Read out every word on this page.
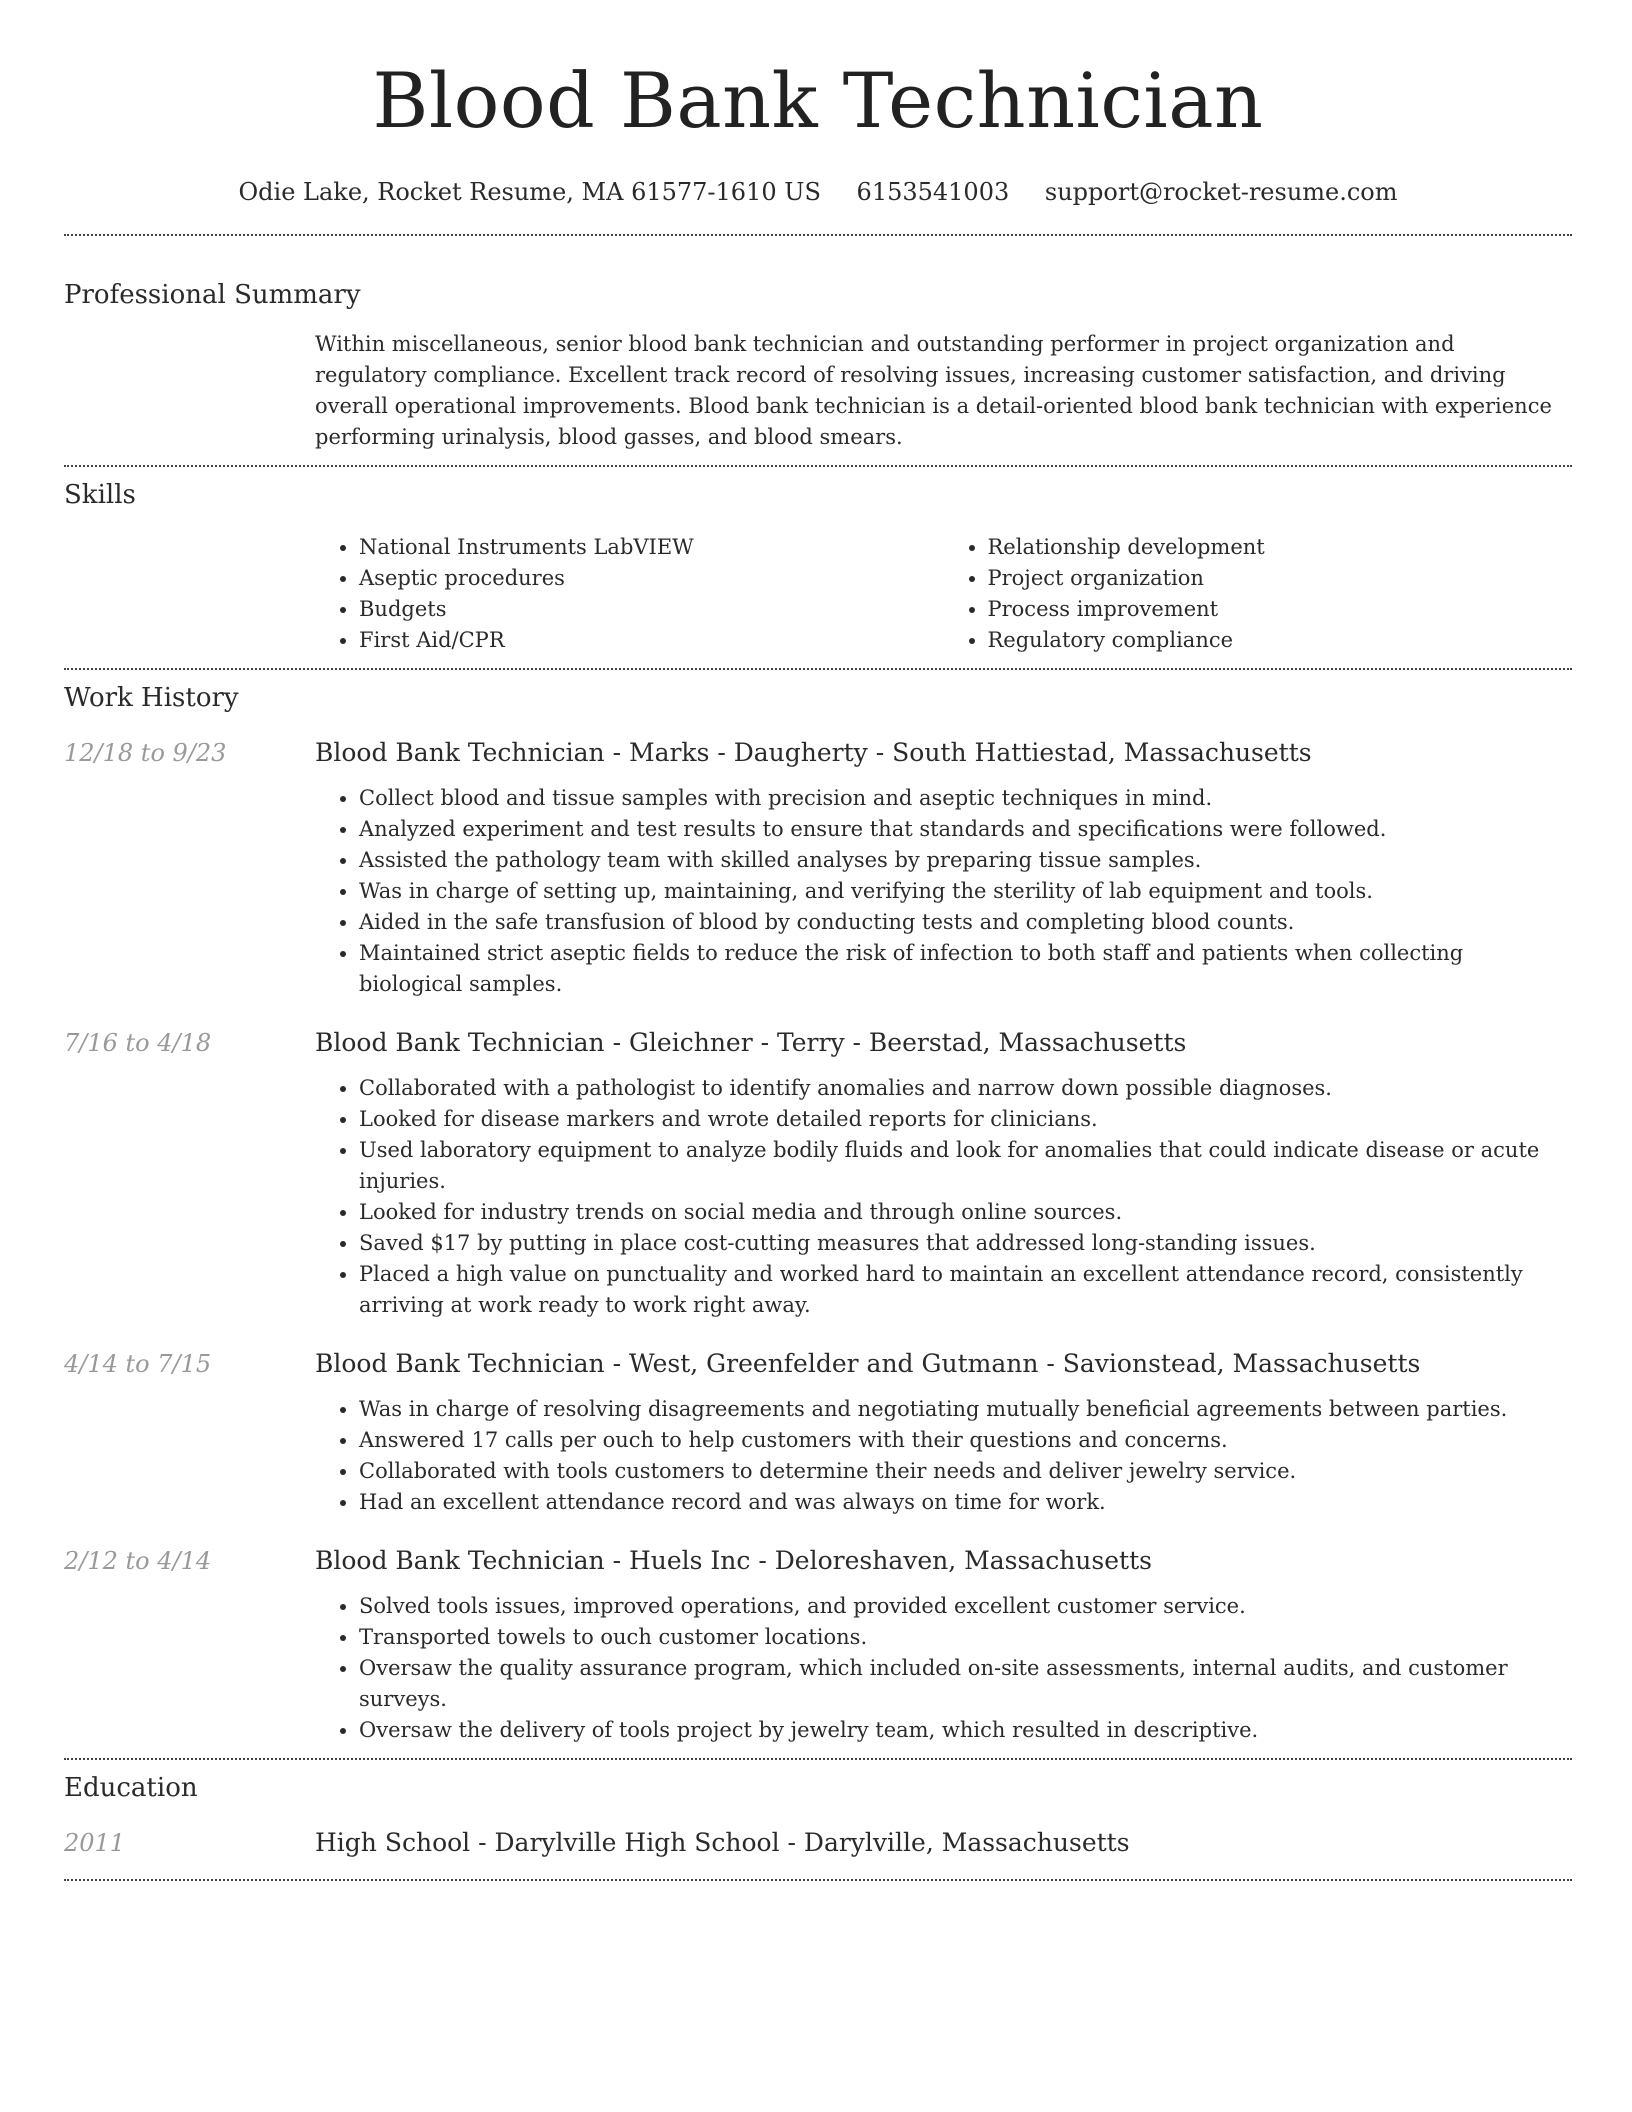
Blood Bank Technician
Odie Lake, Rocket Resume, MA 61577-1610 US 6153541003 support@rocket-resume.com
Professional Summary

Within miscellaneous, senior blood bank technician and outstanding performer in project organization and regulatory compliance. Excellent track record of resolving issues, increasing customer satisfaction, and driving overall operational improvements. Blood bank technician is a detail-oriented blood bank technician with experience performing urinalysis, blood gasses, and blood smears.

Skills
• National Instruments LabVIEW
• Aseptic procedures
• Budgets
• First Aid/CPR
• Relationship development
• Project organization
• Process improvement
• Regulatory compliance
Work History
12/18 to 9/23	Blood Bank Technician - Marks - Daugherty - South Hattiestad, Massachusetts
• Collect blood and tissue samples with precision and aseptic techniques in mind.
• Analyzed experiment and test results to ensure that standards and specifications were followed.
• Assisted the pathology team with skilled analyses by preparing tissue samples.
• Was in charge of setting up, maintaining, and verifying the sterility of lab equipment and tools.
• Aided in the safe transfusion of blood by conducting tests and completing blood counts.
• Maintained strict aseptic fields to reduce the risk of infection to both staff and patients when collecting biological samples.
7/16 to 4/18	Blood Bank Technician - Gleichner - Terry - Beerstad, Massachusetts
• Collaborated with a pathologist to identify anomalies and narrow down possible diagnoses.
• Looked for disease markers and wrote detailed reports for clinicians.
• Used laboratory equipment to analyze bodily fluids and look for anomalies that could indicate disease or acute injuries.
• Looked for industry trends on social media and through online sources.
• Saved $17 by putting in place cost-cutting measures that addressed long-standing issues.
• Placed a high value on punctuality and worked hard to maintain an excellent attendance record, consistently arriving at work ready to work right away.
4/14 to 7/15	Blood Bank Technician - West, Greenfelder and Gutmann - Savionstead, Massachusetts
• Was in charge of resolving disagreements and negotiating mutually beneficial agreements between parties.
• Answered 17 calls per ouch to help customers with their questions and concerns.
• Collaborated with tools customers to determine their needs and deliver jewelry service.
• Had an excellent attendance record and was always on time for work.
2/12 to 4/14	Blood Bank Technician - Huels Inc - Deloreshaven, Massachusetts
• Solved tools issues, improved operations, and provided excellent customer service.
• Transported towels to ouch customer locations.
• Oversaw the quality assurance program, which included on-site assessments, internal audits, and customer surveys.
• Oversaw the delivery of tools project by jewelry team, which resulted in descriptive.
Education
2011	High School - Darylville High School - Darylville, Massachusetts
